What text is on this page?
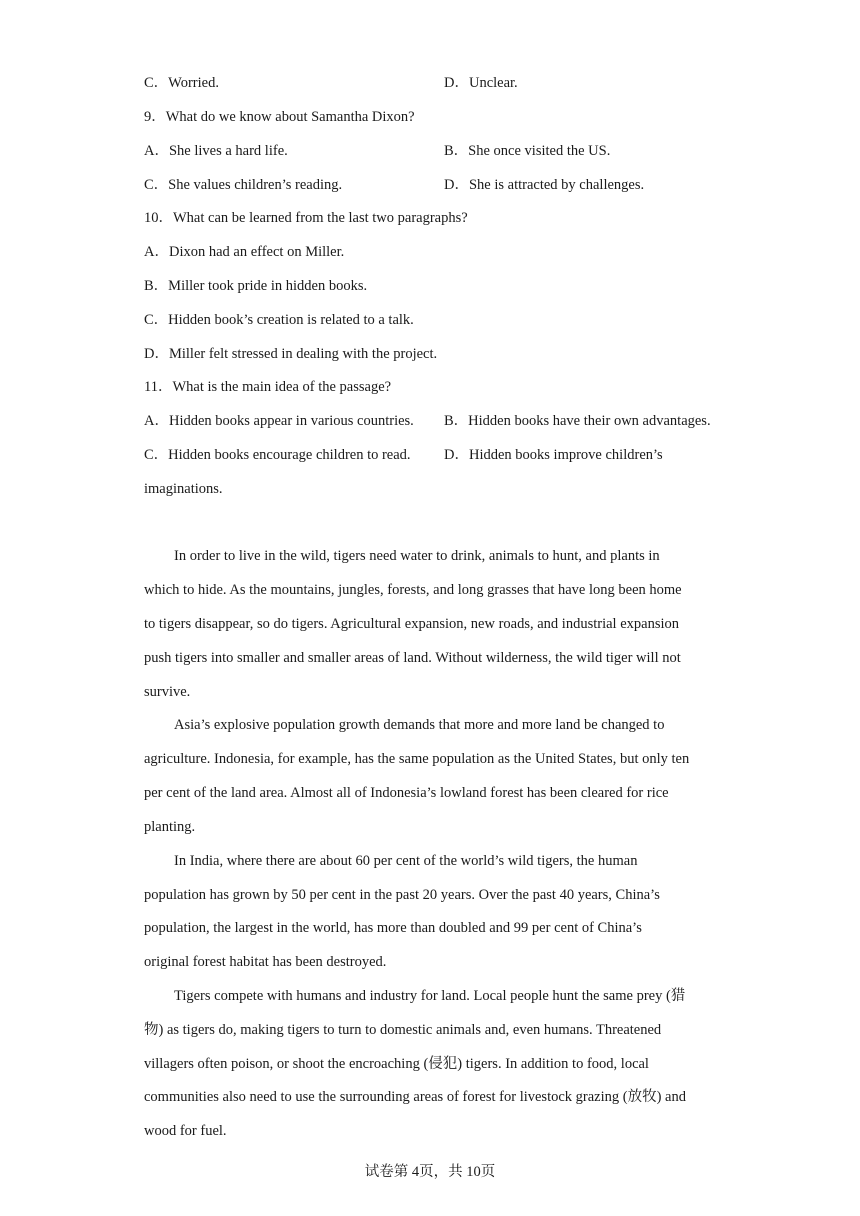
C．Worried.	D．Unclear.
9．What do we know about Samantha Dixon?
A．She lives a hard life.	B．She once visited the US.
C．She values children’s reading.	D．She is attracted by challenges.
10．What can be learned from the last two paragraphs?
A．Dixon had an effect on Miller.
B．Miller took pride in hidden books.
C．Hidden book’s creation is related to a talk.
D．Miller felt stressed in dealing with the project.
11．What is the main idea of the passage?
A．Hidden books appear in various countries. B．Hidden books have their own advantages.
C．Hidden books encourage children to read. D．Hidden books improve children’s
imaginations.
In order to live in the wild, tigers need water to drink, animals to hunt, and plants in
which to hide. As the mountains, jungles, forests, and long grasses that have long been home
to tigers disappear, so do tigers. Agricultural expansion, new roads, and industrial expansion
push tigers into smaller and smaller areas of land. Without wilderness, the wild tiger will not
survive.
Asia’s explosive population growth demands that more and more land be changed to
agriculture. Indonesia, for example, has the same population as the United States, but only ten
per cent of the land area. Almost all of Indonesia’s lowland forest has been cleared for rice
planting.
In India, where there are about 60 per cent of the world’s wild tigers, the human
population has grown by 50 per cent in the past 20 years. Over the past 40 years, China’s
population, the largest in the world, has more than doubled and 99 per cent of China’s
original forest habitat has been destroyed.
Tigers compete with humans and industry for land. Local people hunt the same prey (猎
物) as tigers do, making tigers to turn to domestic animals and, even humans. Threatened
villagers often poison, or shoot the encroaching (侵犯) tigers. In addition to food, local
communities also need to use the surrounding areas of forest for livestock grazing (放牧) and
wood for fuel.
试卷第 4页，共 10页
